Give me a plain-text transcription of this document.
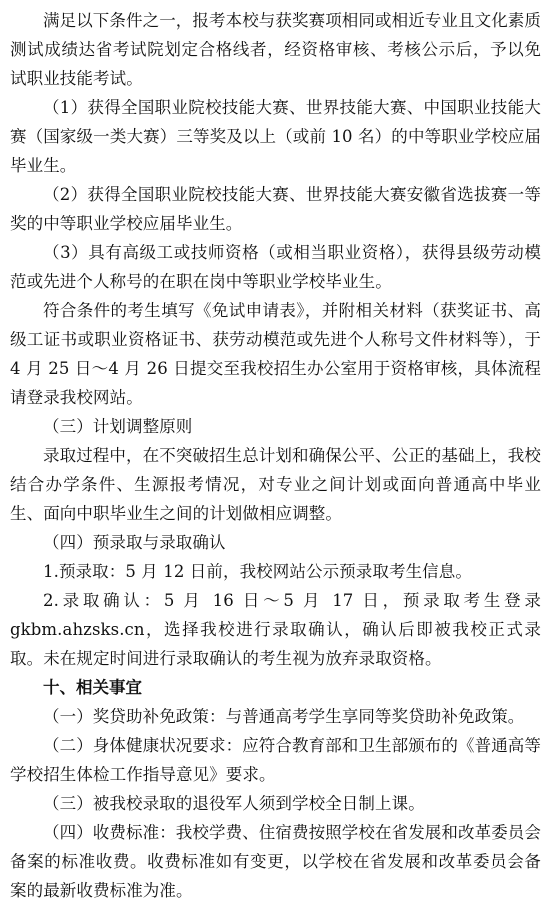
满足以下条件之一，报考本校与获奖赛项相同或相近专业且文化素质测试成绩达省考试院划定合格线者，经资格审核、考核公示后，予以免试职业技能考试。

（1）获得全国职业院校技能大赛、世界技能大赛、中国职业技能大赛（国家级一类大赛）三等奖及以上（或前 10 名）的中等职业学校应届毕业生。

（2）获得全国职业院校技能大赛、世界技能大赛安徽省选拔赛一等奖的中等职业学校应届毕业生。

（3）具有高级工或技师资格（或相当职业资格），获得县级劳动模范或先进个人称号的在职在岗中等职业学校毕业生。

符合条件的考生填写《免试申请表》，并附相关材料（获奖证书、高级工证书或职业资格证书、获劳动模范或先进个人称号文件材料等），于 4 月 25 日～4 月 26 日提交至我校招生办公室用于资格审核，具体流程请登录我校网站。

（三）计划调整原则

录取过程中，在不突破招生总计划和确保公平、公正的基础上，我校结合办学条件、生源报考情况，对专业之间计划或面向普通高中毕业生、面向中职毕业生之间的计划做相应调整。

（四）预录取与录取确认

1.预录取：5 月 12 日前，我校网站公示预录取考生信息。

2.录取确认：5 月 16 日～5 月 17 日，预录取考生登录 gkbm.ahzsks.cn，选择我校进行录取确认，确认后即被我校正式录取。未在规定时间进行录取确认的考生视为放弃录取资格。

十、相关事宜

（一）奖贷助补免政策：与普通高考学生享同等奖贷助补免政策。

（二）身体健康状况要求：应符合教育部和卫生部颁布的《普通高等学校招生体检工作指导意见》要求。

（三）被我校录取的退役军人须到学校全日制上课。

（四）收费标准：我校学费、住宿费按照学校在省发展和改革委员会备案的标准收费。收费标准如有变更，以学校在省发展和改革委员会备案的最新收费标准为准。
